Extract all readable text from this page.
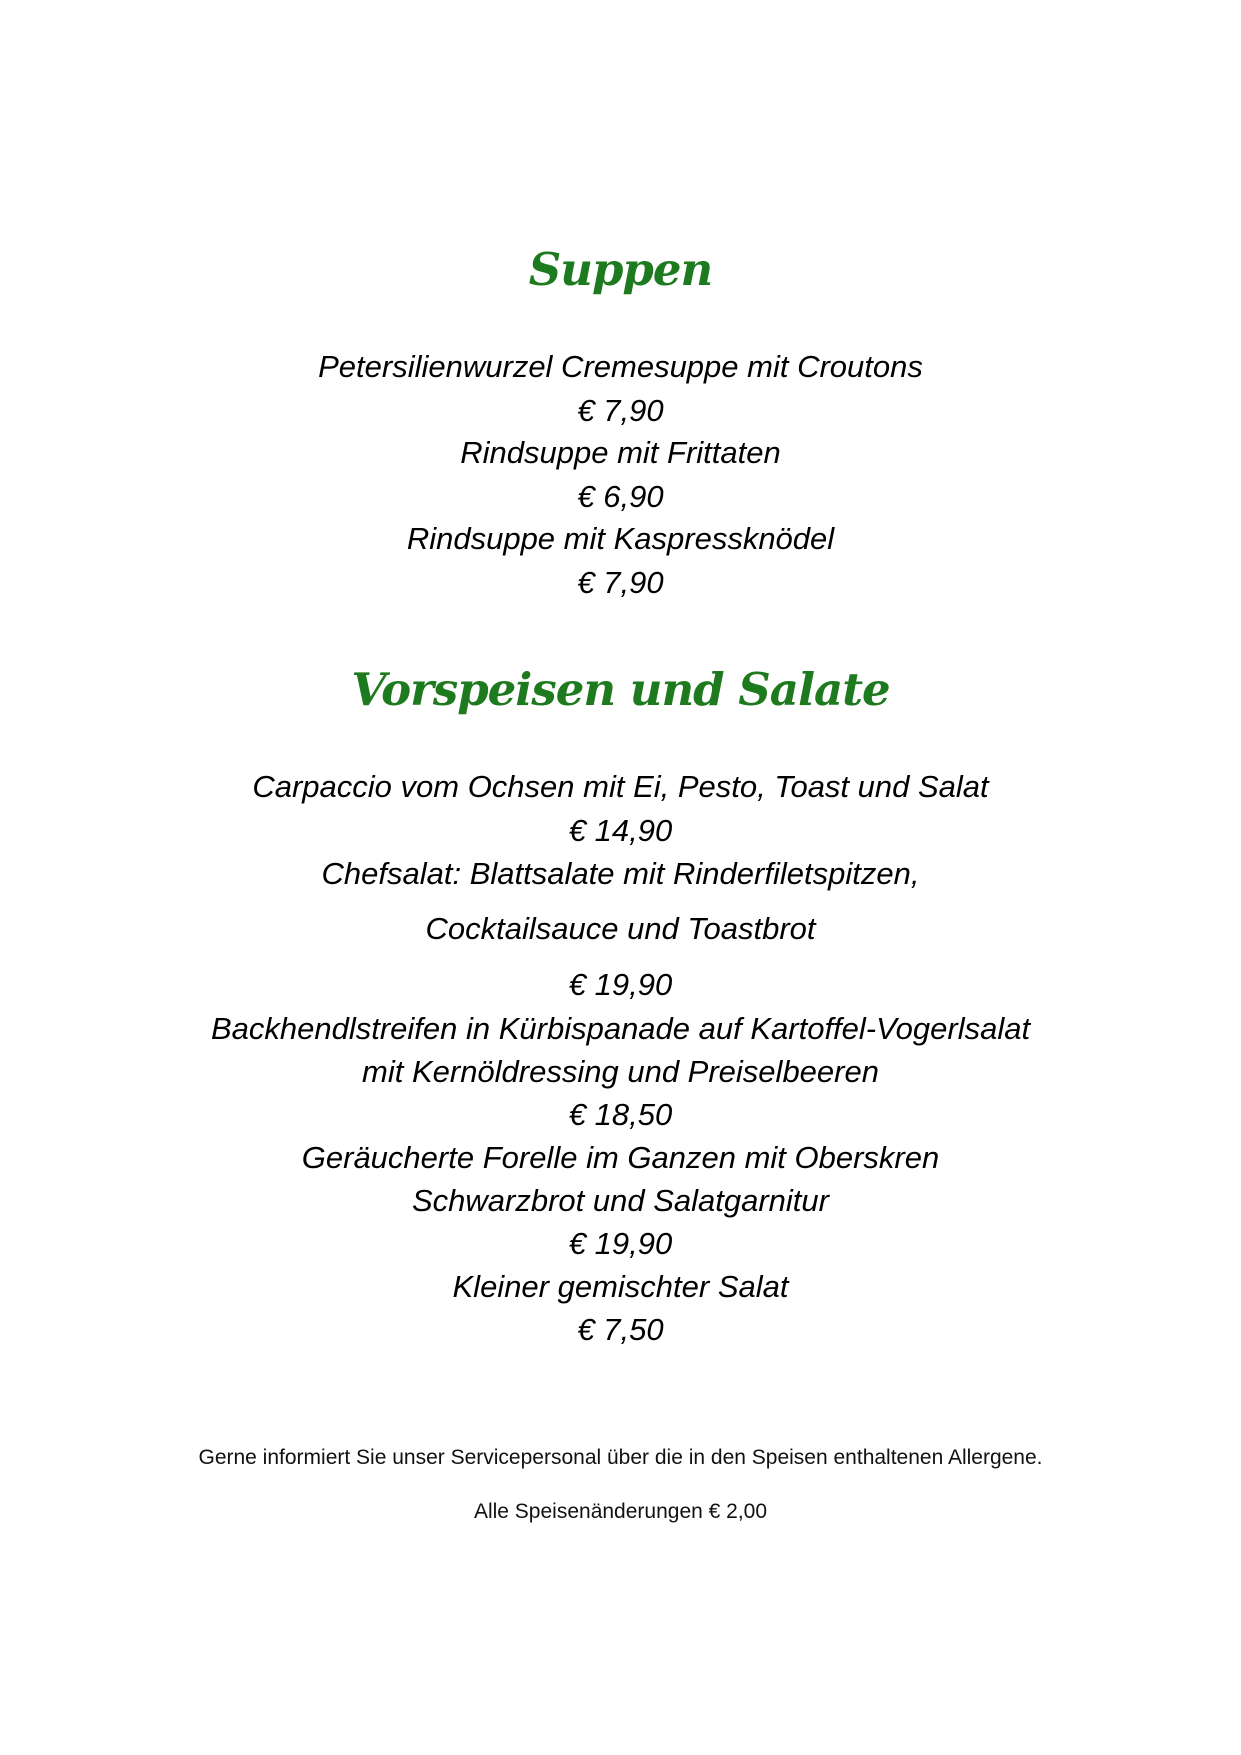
Suppen
Petersilienwurzel Cremesuppe mit Croutons
€ 7,90
Rindsuppe mit Frittaten
€ 6,90
Rindsuppe mit Kaspressknödel
€ 7,90
Vorspeisen und Salate
Carpaccio vom Ochsen mit Ei, Pesto, Toast und Salat
€ 14,90
Chefsalat: Blattsalate mit Rinderfiletspitzen,
Cocktailsauce und Toastbrot
€ 19,90
Backhendlstreifen in Kürbispanade auf Kartoffel-Vogerlsalat
mit Kernöldressing und Preiselbeeren
€ 18,50
Geräucherte Forelle im Ganzen mit Oberskren
Schwarzbrot und Salatgarnitur
€ 19,90
Kleiner gemischter Salat
€ 7,50
Gerne informiert Sie unser Servicepersonal über die in den Speisen enthaltenen Allergene.
Alle Speisenänderungen € 2,00
